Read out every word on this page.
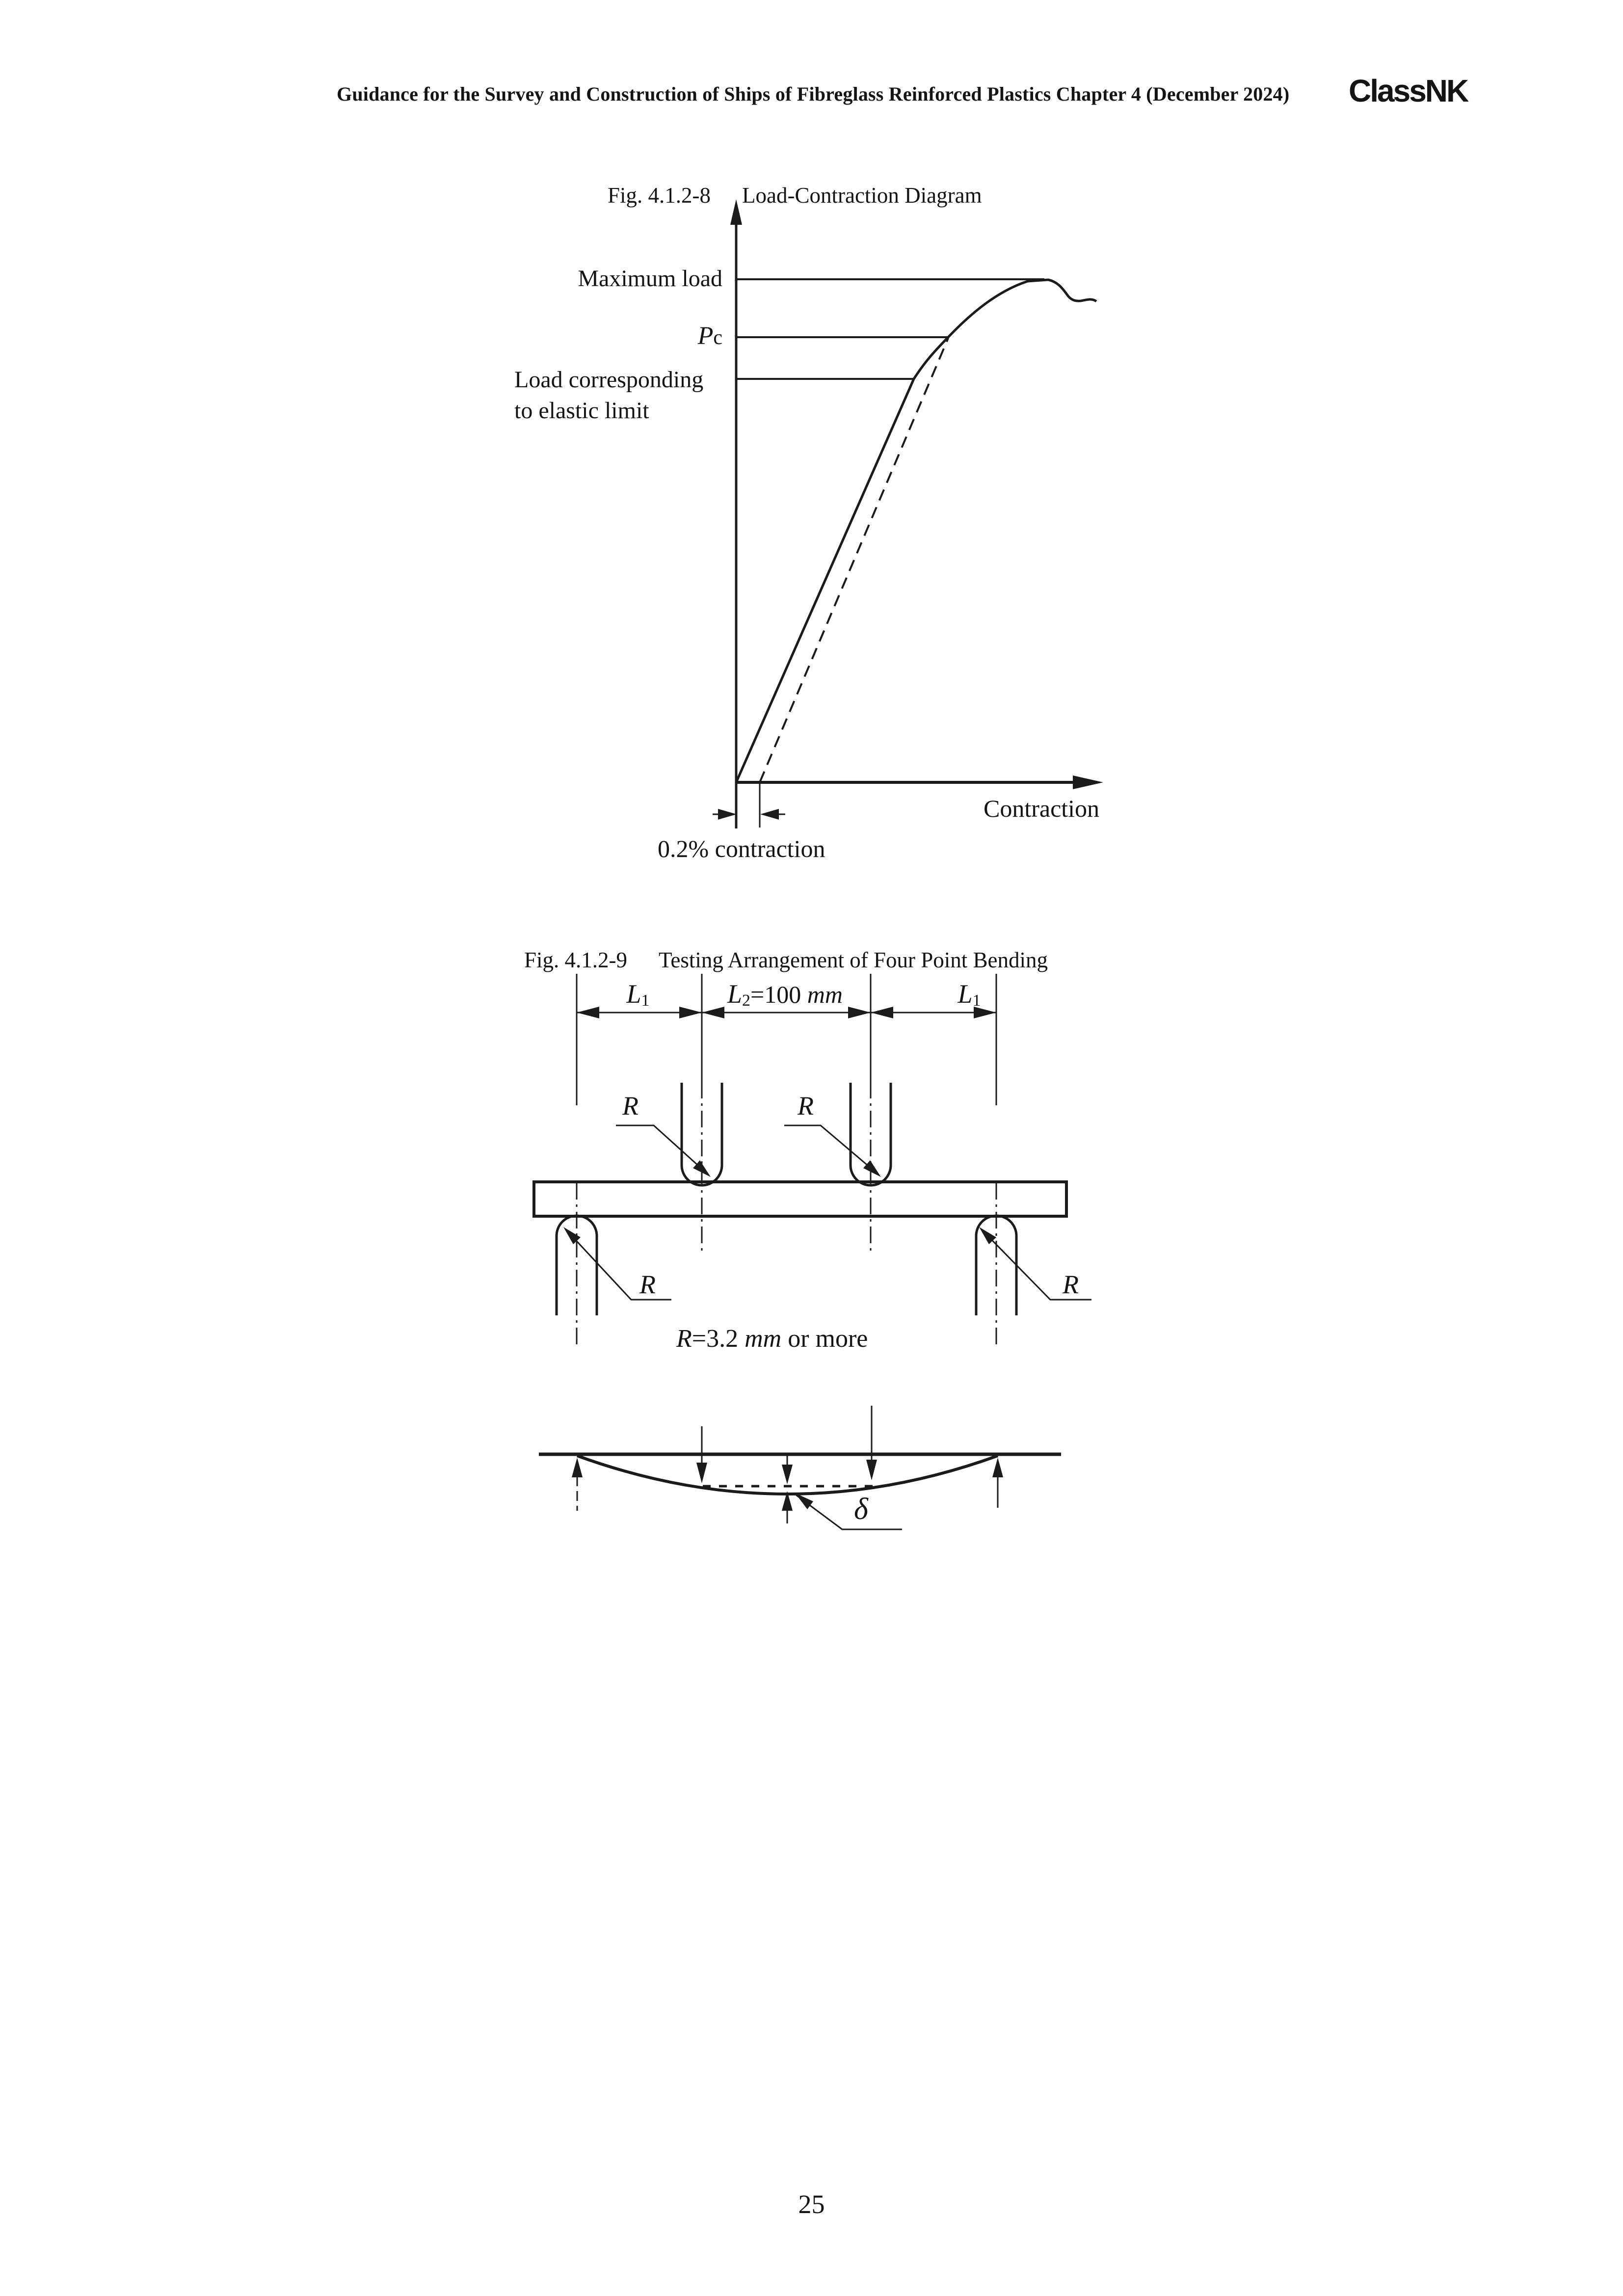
Guidance for the Survey and Construction of Ships of Fibreglass Reinforced Plastics Chapter 4 (December 2024) ClassNK
Fig. 4.1.2-8 Load-Contraction Diagram
Maximum load
Pc
Load corresponding
to elastic limit
Contraction
0.2% contraction
Fig. 4.1.2-9 Testing Arrangement of Four Point Bending
L1	L2=100 mm	L1
R	R
R	R
R=3.2 mm or more
δ
25
